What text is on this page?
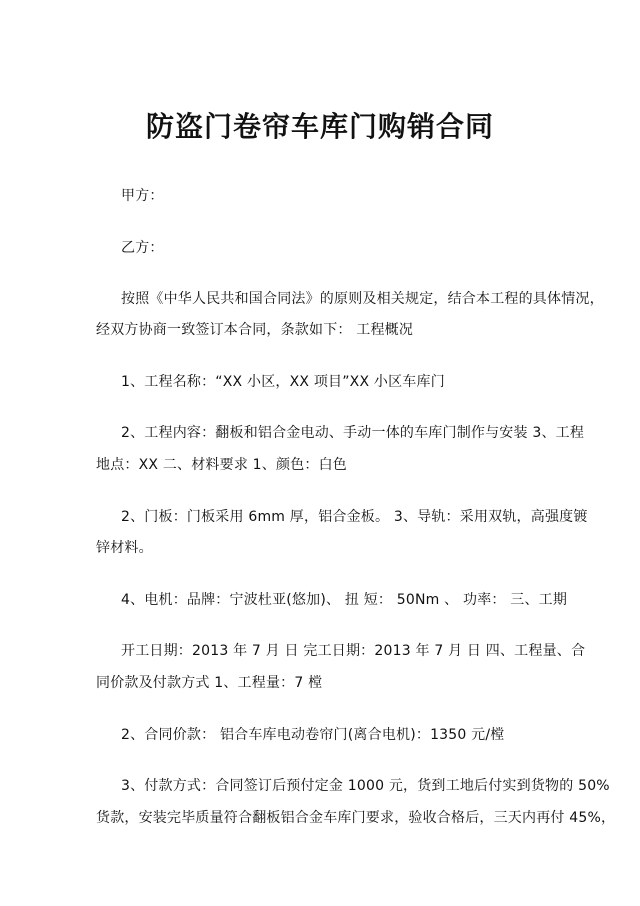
防盗门卷帘车库门购销合同
甲方：
乙方：
按照《中华人民共和国合同法》的原则及相关规定，结合本工程的具体情况，
经双方协商一致签订本合同，条款如下： 工程概况
1、工程名称：“XX 小区，XX 项目”XX 小区车库门
2、工程内容：翻板和铝合金电动、手动一体的车库门制作与安装 3、工程
地点：XX 二、材料要求 1、颜色：白色
2、门板：门板采用 6mm 厚，铝合金板。 3、导轨：采用双轨，高强度镀
锌材料。
4、电机：品牌：宁波杜亚(悠加)、 扭 短： 50Nm 、 功率： 三、工期
开工日期：2013 年 7 月 日 完工日期：2013 年 7 月 日 四、工程量、合
同价款及付款方式 1、工程量：7 樘
2、合同价款： 铝合车库电动卷帘门(离合电机)：1350 元/樘
3、付款方式：合同签订后预付定金 1000 元，货到工地后付实到货物的 50%
货款，安装完毕质量符合翻板铝合金车库门要求，验收合格后，三天内再付 45%，
